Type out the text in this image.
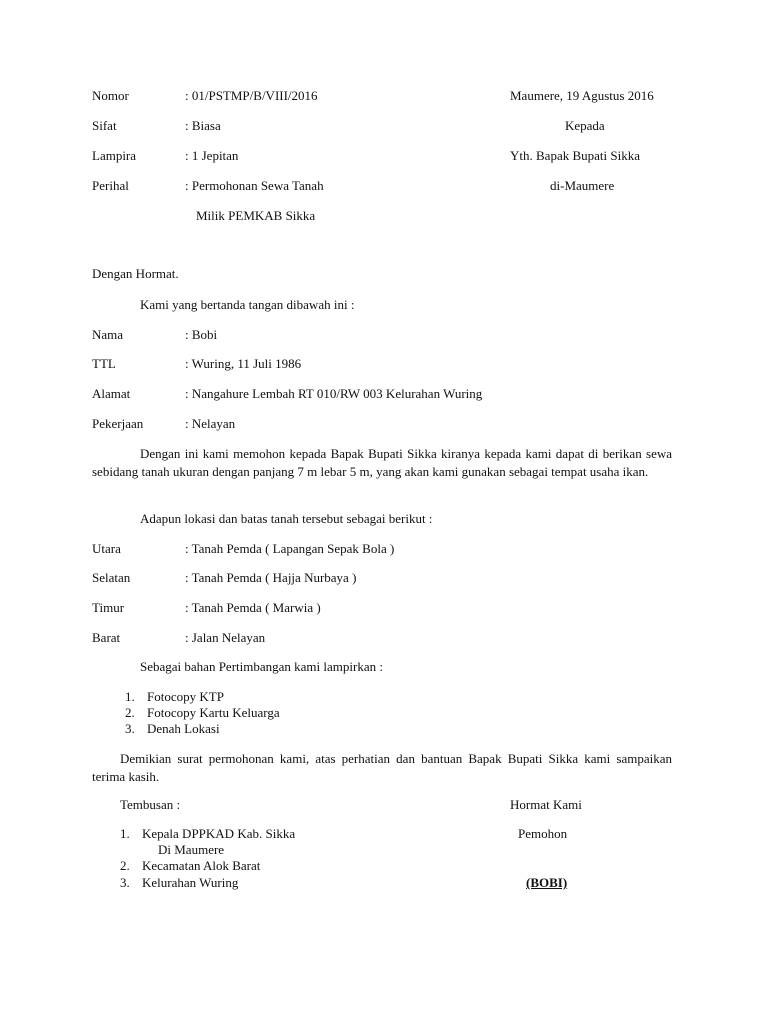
Nomor	: 01/PSTMP/B/VIII/2016	Maumere, 19 Agustus 2016
Sifat	: Biasa	Kepada
Lampira	: 1 Jepitan	Yth. Bapak Bupati Sikka
Perihal	: Permohonan Sewa Tanah	di-Maumere
Milik PEMKAB Sikka
Dengan Hormat.
Kami yang bertanda tangan dibawah ini :
Nama	: Bobi
TTL	: Wuring, 11 Juli 1986
Alamat	: Nangahure Lembah RT 010/RW 003 Kelurahan Wuring
Pekerjaan	: Nelayan
Dengan ini kami memohon kepada Bapak Bupati Sikka kiranya kepada kami dapat di berikan sewa sebidang tanah ukuran dengan panjang 7 m lebar 5 m, yang akan kami gunakan sebagai tempat usaha ikan.
Adapun lokasi dan batas tanah tersebut sebagai berikut :
Utara	: Tanah Pemda ( Lapangan Sepak Bola )
Selatan	: Tanah Pemda ( Hajja Nurbaya )
Timur	: Tanah Pemda ( Marwia )
Barat	: Jalan Nelayan
Sebagai bahan Pertimbangan kami lampirkan :
1. Fotocopy KTP
2. Fotocopy Kartu Keluarga
3. Denah Lokasi
Demikian surat permohonan kami, atas perhatian dan bantuan Bapak Bupati Sikka kami sampaikan terima kasih.
Tembusan :	Hormat Kami
1. Kepala DPPKAD Kab. Sikka
Di Maumere
Pemohon
2. Kecamatan Alok Barat
3. Kelurahan Wuring	(BOBI)
